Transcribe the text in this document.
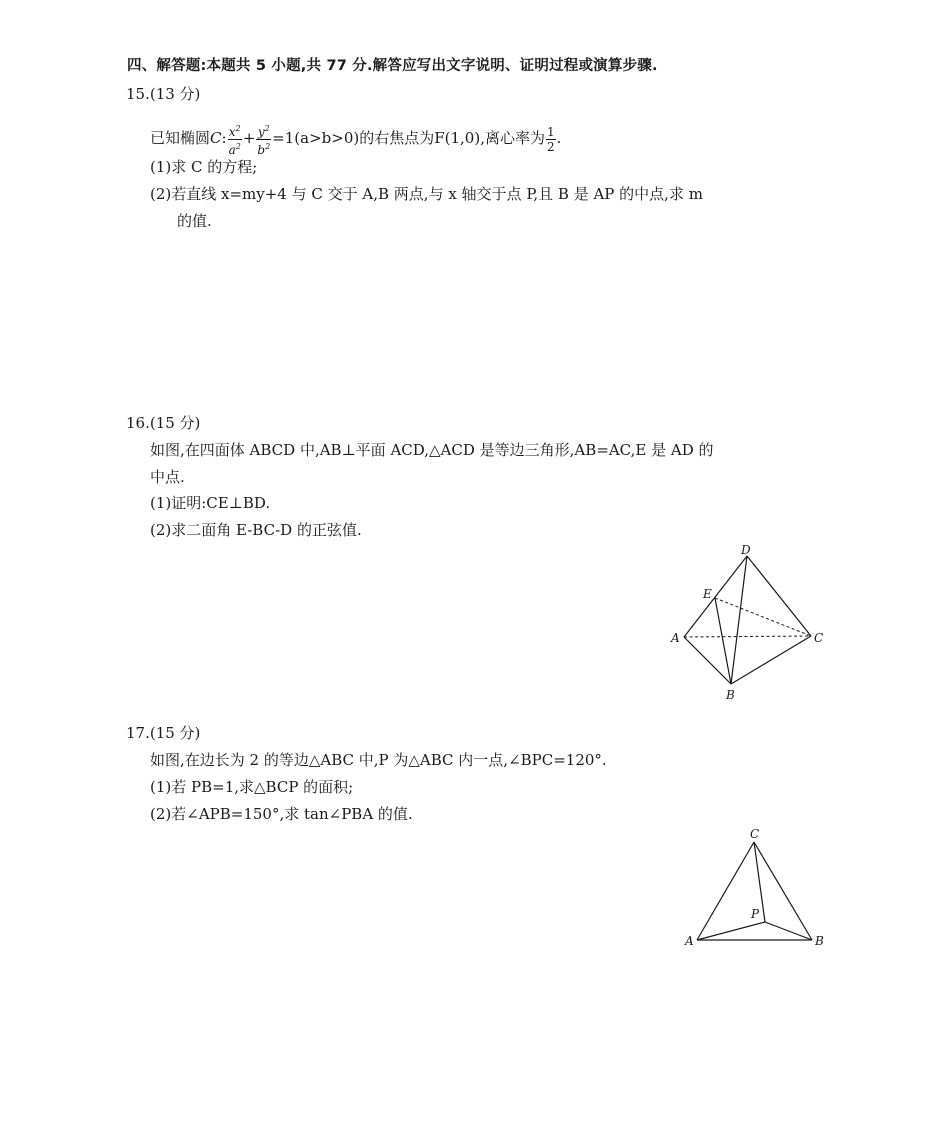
四、解答题:本题共 5 小题,共 77 分.解答应写出文字说明、证明过程或演算步骤.
15.(13 分)
已知椭圆C: $\frac{x^2}{a^2} + \frac{y^2}{b^2} =1(a>b>0)$的右焦点为F(1,0),离心率为 $\frac{1}{2}$ .
(1)求 C 的方程;
(2)若直线 x=my+4 与 C 交于 A,B 两点,与 x 轴交于点 P,且 B 是 AP 的中点,求 m
的值.
16.(15 分)
如图,在四面体 ABCD 中,AB⊥平面 ACD,△ACD 是等边三角形,AB=AC,E 是 AD 的
中点.
(1)证明:CE⊥BD.
(2)求二面角 E-BC-D 的正弦值.
D
E
A	C
B
17.(15 分)
如图,在边长为 2 的等边△ABC 中,P 为△ABC 内一点,∠BPC=120°.
(1)若 PB=1,求△BCP 的面积;
(2)若∠APB=150°,求 tan∠PBA 的值.
C
P
A	B
